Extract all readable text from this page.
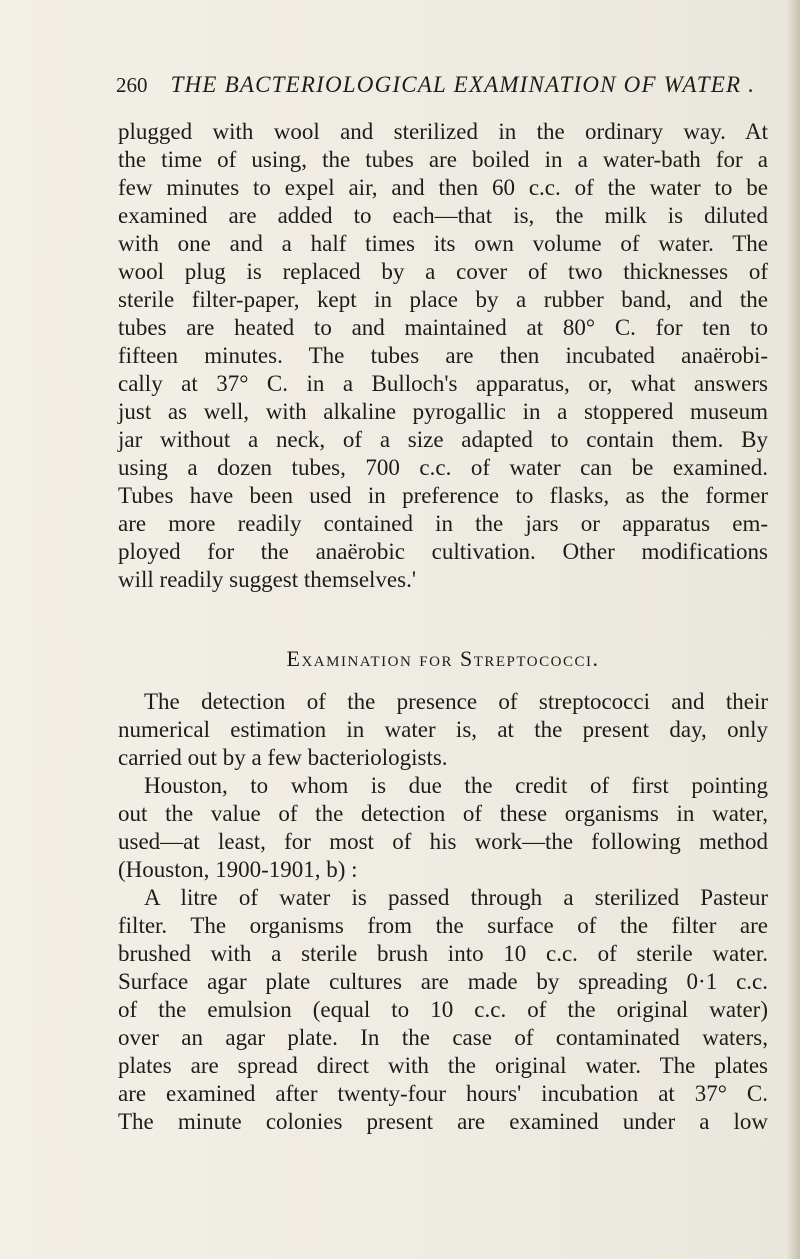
260 THE BACTERIOLOGICAL EXAMINATION OF WATER .
plugged with wool and sterilized in the ordinary way. At
the time of using, the tubes are boiled in a water-bath for a
few minutes to expel air, and then 60 c.c. of the water to be
examined are added to each—that is, the milk is diluted
with one and a half times its own volume of water. The
wool plug is replaced by a cover of two thicknesses of
sterile filter-paper, kept in place by a rubber band, and the
tubes are heated to and maintained at 80° C. for ten to
fifteen minutes. The tubes are then incubated anaërobi-
cally at 37° C. in a Bulloch's apparatus, or, what answers
just as well, with alkaline pyrogallic in a stoppered museum
jar without a neck, of a size adapted to contain them. By
using a dozen tubes, 700 c.c. of water can be examined.
Tubes have been used in preference to flasks, as the former
are more readily contained in the jars or apparatus em-
ployed for the anaërobic cultivation. Other modifications
will readily suggest themselves.'
Examination for Streptococci.
The detection of the presence of streptococci and their
numerical estimation in water is, at the present day, only
carried out by a few bacteriologists.
Houston, to whom is due the credit of first pointing
out the value of the detection of these organisms in water,
used—at least, for most of his work—the following method
(Houston, 1900-1901, b) :
A litre of water is passed through a sterilized Pasteur
filter. The organisms from the surface of the filter are
brushed with a sterile brush into 10 c.c. of sterile water.
Surface agar plate cultures are made by spreading 0·1 c.c.
of the emulsion (equal to 10 c.c. of the original water)
over an agar plate. In the case of contaminated waters,
plates are spread direct with the original water. The plates
are examined after twenty-four hours' incubation at 37° C.
The minute colonies present are examined under a low
